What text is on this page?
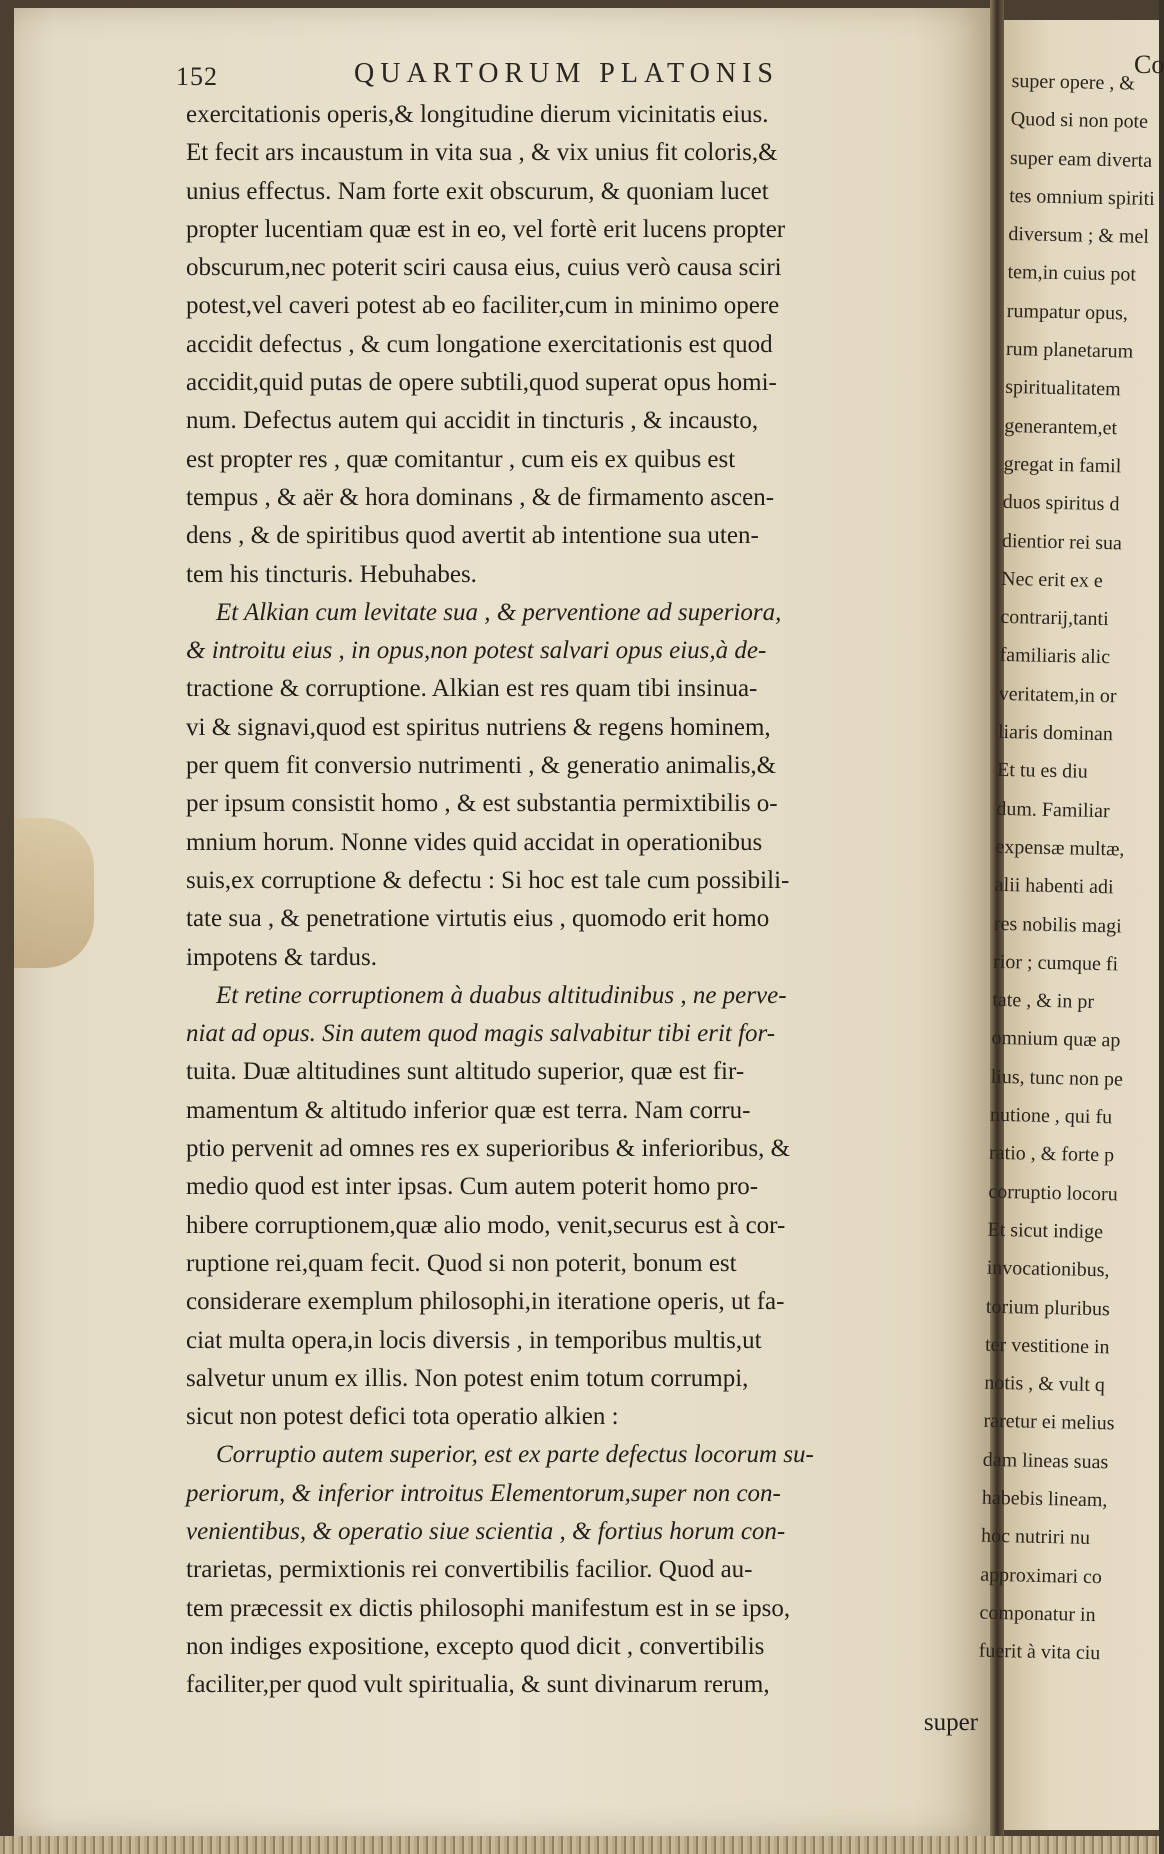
Co
super opere , &
Quod si non pote
super eam diverta
tes omnium spiriti
diversum ; & mel
tem,in cuius pot
rumpatur opus,
rum planetarum
spiritualitatem
generantem,et
gregat in famil
duos spiritus d
dientior rei sua
Nec erit ex e
contrarij,tanti
familiaris alic
veritatem,in or
liaris dominan
Et tu es diu
dum. Familiar
expensæ multæ,
alii habenti adi
res nobilis magi
rior ; cumque fi
tate , & in pr
omnium quæ ap
lius, tunc non pe
nutione , qui fu
ratio , & forte p
corruptio locoru
Et sicut indige
invocationibus,
torium pluribus
ter vestitione in
notis , & vult q
raretur ei melius
dam lineas suas
habebis lineam,
hoc nutriri nu
approximari co
componatur in
fuerit à vita ciu
152	QUARTORUM PLATONIS
exercitationis operis,& longitudine dierum vicinitatis eius.
Et fecit ars incaustum in vita sua , & vix unius fit coloris,&
unius effectus. Nam forte exit obscurum, & quoniam lucet
propter lucentiam quæ est in eo, vel fortè erit lucens propter
obscurum,nec poterit sciri causa eius, cuius verò causa sciri
potest,vel caveri potest ab eo faciliter,cum in minimo opere
accidit defectus , & cum longatione exercitationis est quod
accidit,quid putas de opere subtili,quod superat opus homi-
num. Defectus autem qui accidit in tincturis , & incausto,
est propter res , quæ comitantur , cum eis ex quibus est
tempus , & aër & hora dominans , & de firmamento ascen-
dens , & de spiritibus quod avertit ab intentione sua uten-
tem his tincturis. Hebuhabes.
Et Alkian cum levitate sua , & perventione ad superiora,
& introitu eius , in opus,non potest salvari opus eius,à de-
tractione & corruptione. Alkian est res quam tibi insinua-
vi & signavi,quod est spiritus nutriens & regens hominem,
per quem fit conversio nutrimenti , & generatio animalis,&
per ipsum consistit homo , & est substantia permixtibilis o-
mnium horum. Nonne vides quid accidat in operationibus
suis,ex corruptione & defectu : Si hoc est tale cum possibili-
tate sua , & penetratione virtutis eius , quomodo erit homo
impotens & tardus.
Et retine corruptionem à duabus altitudinibus , ne perve-
niat ad opus. Sin autem quod magis salvabitur tibi erit for-
tuita. Duæ altitudines sunt altitudo superior, quæ est fir-
mamentum & altitudo inferior quæ est terra. Nam corru-
ptio pervenit ad omnes res ex superioribus & inferioribus, &
medio quod est inter ipsas. Cum autem poterit homo pro-
hibere corruptionem,quæ alio modo, venit,securus est à cor-
ruptione rei,quam fecit. Quod si non poterit, bonum est
considerare exemplum philosophi,in iteratione operis, ut fa-
ciat multa opera,in locis diversis , in temporibus multis,ut
salvetur unum ex illis. Non potest enim totum corrumpi,
sicut non potest defici tota operatio alkien :
Corruptio autem superior, est ex parte defectus locorum su-
periorum, & inferior introitus Elementorum,super non con-
venientibus, & operatio siue scientia , & fortius horum con-
trarietas, permixtionis rei convertibilis facilior. Quod au-
tem præcessit ex dictis philosophi manifestum est in se ipso,
non indiges expositione, excepto quod dicit , convertibilis
faciliter,per quod vult spiritualia, & sunt divinarum rerum,
super
